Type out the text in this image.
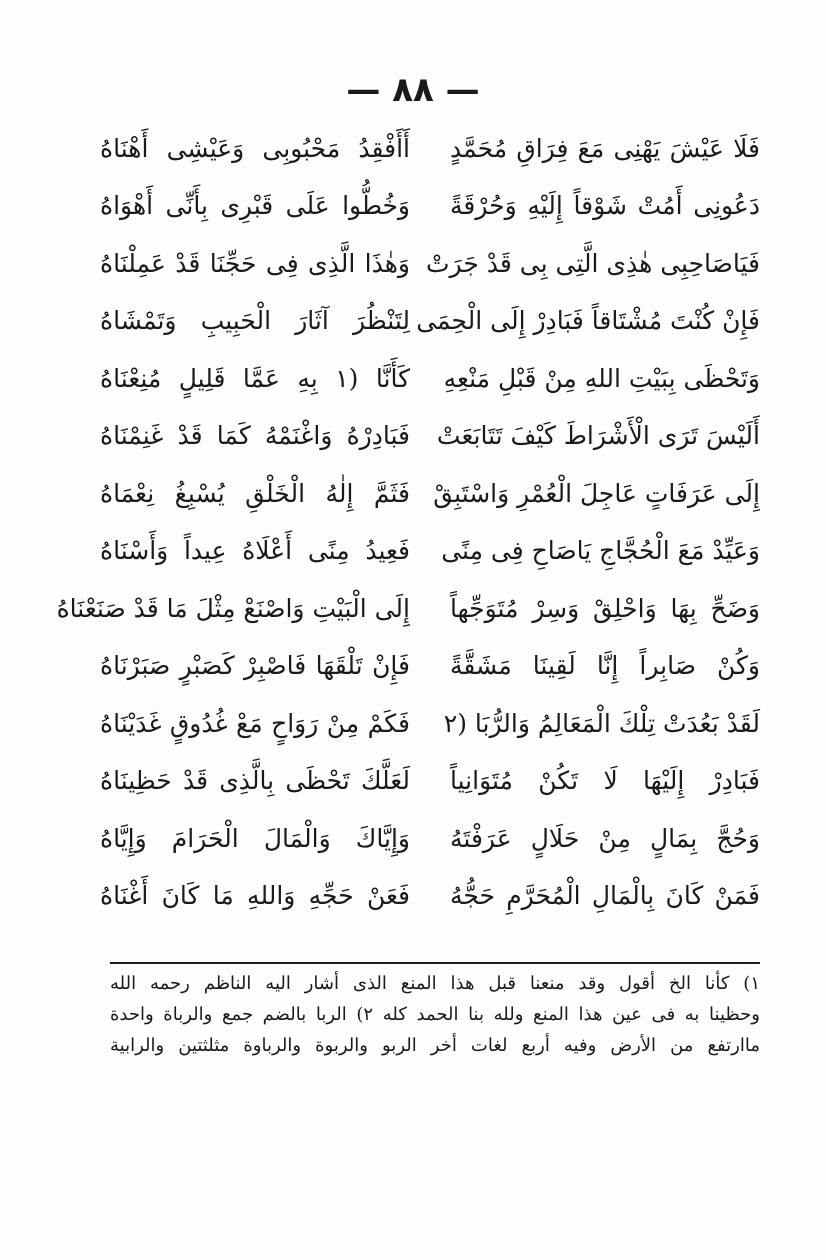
— ٨٨ —
فَلَا عَيْشَ يَهْنِى مَعَ فِرَاقِ مُحَمَّدٍ
أَأَفْقِدُ مَحْبُوبِى وَعَيْشِى أَهْنَاهُ
دَعُونِى أَمُتْ شَوْقاً إِلَيْهِ وَحُرْقَةً
وَخُطُّوا عَلَى قَبْرِى بِأَنِّى أَهْوَاهُ
فَيَاصَاحِبِى هٰذِى الَّتِى بِى قَدْ جَرَتْ
وَهٰذَا الَّذِى فِى حَجِّنَا قَدْ عَمِلْنَاهُ
فَإِنْ كُنْتَ مُشْتَاقاً فَبَادِرْ إِلَى الْحِمَى
لِتَنْظُرَ آثَارَ الْحَبِيبِ وَتَمْشَاهُ
وَتَحْظَى بِبَيْتِ اللهِ مِنْ قَبْلِ مَنْعِهِ
كَأَنَّا (١ بِهِ عَمَّا قَلِيلٍ مُنِعْنَاهُ
أَلَيْسَ تَرَى الْأَشْرَاطَ كَيْفَ تَتَابَعَتْ
فَبَادِرْهُ وَاغْنَمْهُ كَمَا قَدْ غَنِمْنَاهُ
إِلَى عَرَفَاتٍ عَاجِلَ الْعُمْرِ وَاسْتَبِقْ
فَثَمَّ إِلٰهُ الْخَلْقِ يُسْبِغُ نِعْمَاهُ
وَعَيِّدْ مَعَ الْحُجَّاجِ يَاصَاحِ فِى مِنًى
فَعِيدُ مِنًى أَعْلَاهُ عِيداً وَأَسْنَاهُ
وَضَحِّ بِهَا وَاحْلِقْ وَسِرْ مُتَوَجِّهاً
إِلَى الْبَيْتِ وَاصْنَعْ مِثْلَ مَا قَدْ صَنَعْنَاهُ
وَكُنْ صَابِراً إِنَّا لَقِينَا مَشَقَّةً
فَإِنْ تَلْقَهَا فَاصْبِرْ كَصَبْرٍ صَبَرْنَاهُ
لَقَدْ بَعُدَتْ تِلْكَ الْمَعَالِمُ وَالرُّبَا (٢
فَكَمْ مِنْ رَوَاحٍ مَعْ غُدُوقٍ غَدَيْنَاهُ
فَبَادِرْ إِلَيْهَا لَا تَكُنْ مُتَوَانِياً
لَعَلَّكَ تَحْظَى بِالَّذِى قَدْ حَظِينَاهُ
وَحُجَّ بِمَالٍ مِنْ حَلَالٍ عَرَفْتَهُ
وَإِيَّاكَ وَالْمَالَ الْحَرَامَ وَإِيَّاهُ
فَمَنْ كَانَ بِالْمَالِ الْمُحَرَّمِ حَجُّهُ
فَعَنْ حَجِّهِ وَاللهِ مَا كَانَ أَغْنَاهُ
١) كأنا الخ أقول وقد منعنا قبل هذا المنع الذى أشار اليه الناظم رحمه الله
وحظينا به فى عين هذا المنع ولله بنا الحمد كله ٢) الربا بالضم جمع والرباة واحدة
ماارتفع من الأرض وفيه أربع لغات أخر الربو والربوة والرباوة مثلثتين والرابية
